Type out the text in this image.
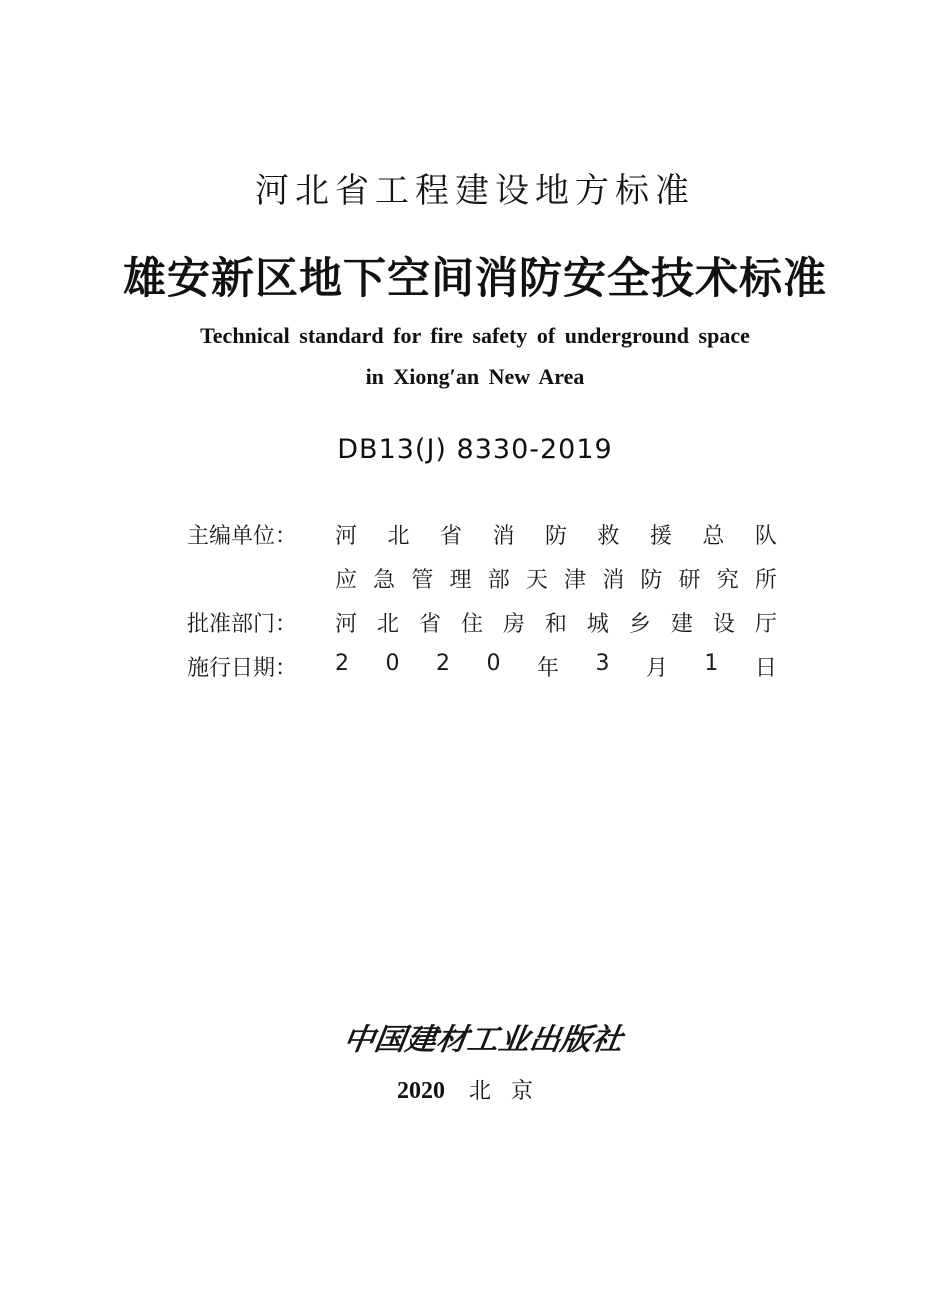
河北省工程建设地方标准
雄安新区地下空间消防安全技术标准
Technical standard for fire safety of underground space
in Xiong′an New Area
DB13(J) 8330-2019
主编单位：	河 北 省 消 防 救 援 总 队
应 急 管 理 部 天 津 消 防 研 究 所
批准部门：	河 北 省 住 房 和 城 乡 建 设 厅
施行日期：	2 0 2 0 年 3 月 1 日
中国建材工业出版社
2020 北京
